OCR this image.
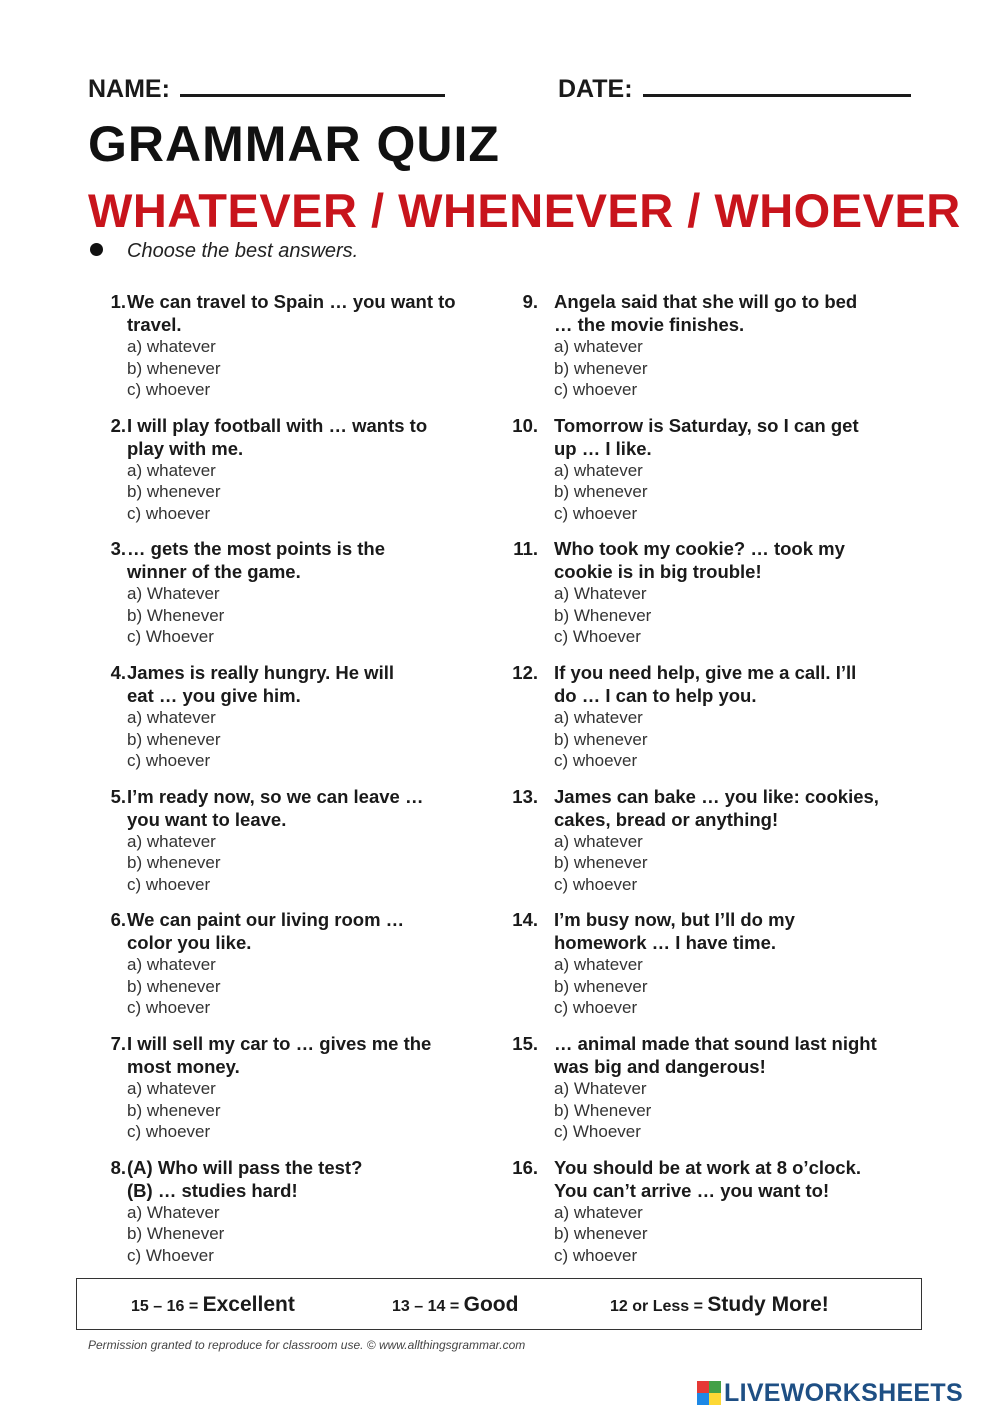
NAME:	DATE:
GRAMMAR QUIZ
WHATEVER / WHENEVER / WHOEVER
Choose the best answers.
1. We can travel to Spain … you want to
travel.

a) whatever
b) whenever
c) whoever
2. I will play football with … wants to
play with me.

a) whatever
b) whenever
c) whoever
3. … gets the most points is the
winner of the game.

a) Whatever
b) Whenever
c) Whoever
4. James is really hungry. He will
eat … you give him.

a) whatever
b) whenever
c) whoever
5. I’m ready now, so we can leave …
you want to leave.

a) whatever
b) whenever
c) whoever
6. We can paint our living room …
color you like.

a) whatever
b) whenever
c) whoever
7. I will sell my car to … gives me the
most money.

a) whatever
b) whenever
c) whoever
8. (A) Who will pass the test?
(B) … studies hard!

a) Whatever
b) Whenever
c) Whoever
9. Angela said that she will go to bed
… the movie finishes.

a) whatever
b) whenever
c) whoever
10. Tomorrow is Saturday, so I can get
up … I like.

a) whatever
b) whenever
c) whoever
11. Who took my cookie? … took my
cookie is in big trouble!

a) Whatever
b) Whenever
c) Whoever
12. If you need help, give me a call. I’ll
do … I can to help you.

a) whatever
b) whenever
c) whoever
13. James can bake … you like: cookies,
cakes, bread or anything!

a) whatever
b) whenever
c) whoever
14. I’m busy now, but I’ll do my
homework … I have time.

a) whatever
b) whenever
c) whoever
15. … animal made that sound last night
was big and dangerous!

a) Whatever
b) Whenever
c) Whoever
16. You should be at work at 8 o’clock.
You can’t arrive … you want to!

a) whatever
b) whenever
c) whoever
15 – 16 = Excellent	13 – 14 = Good	12 or Less = Study More!
Permission granted to reproduce for classroom use. © www.allthingsgrammar.com
LIVEWORKSHEETS
